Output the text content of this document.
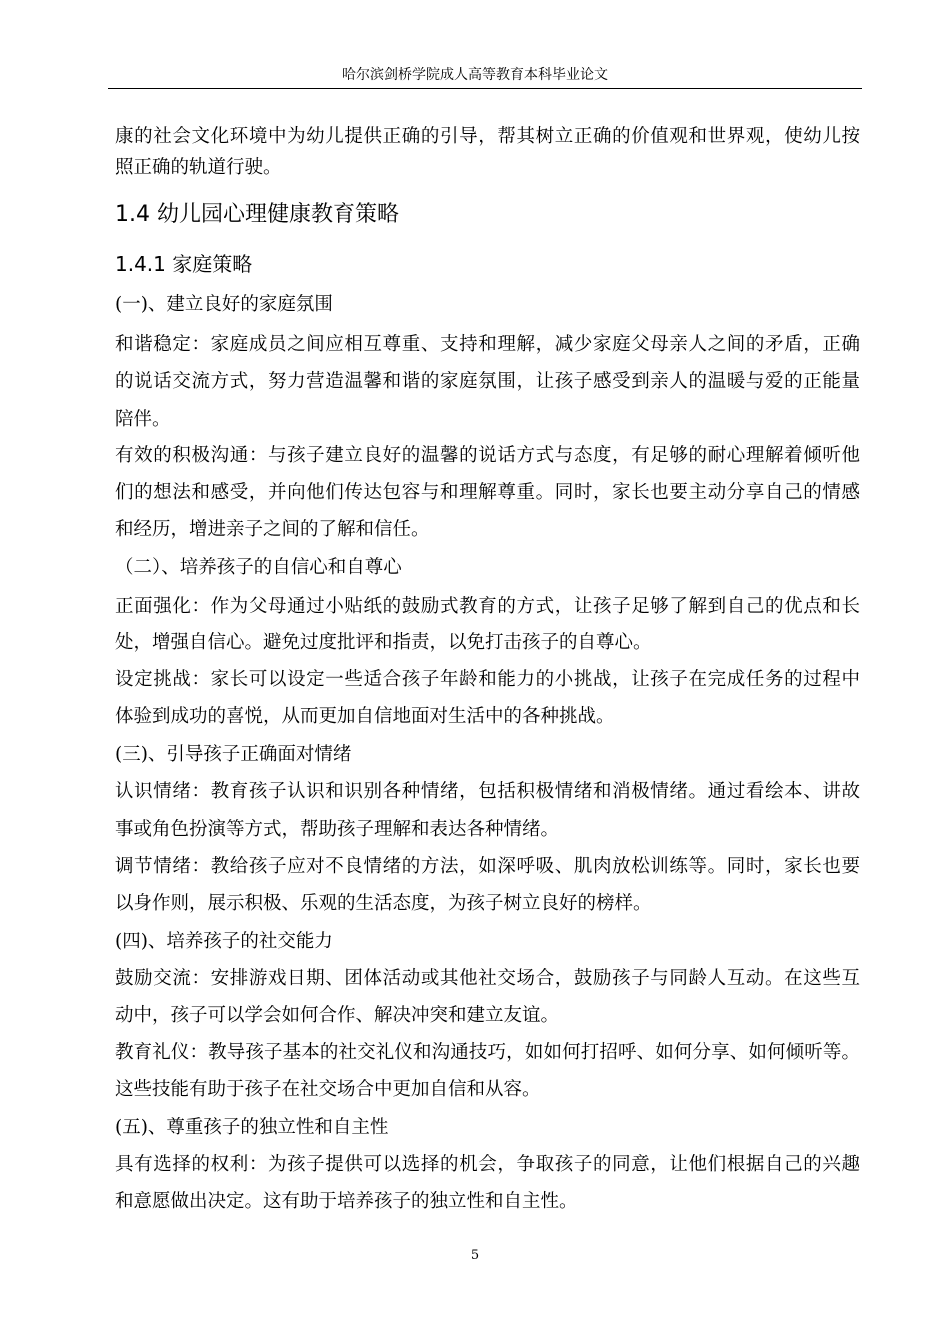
哈尔滨剑桥学院成人高等教育本科毕业论文
康的社会文化环境中为幼儿提供正确的引导，帮其树立正确的价值观和世界观，使幼儿按
照正确的轨道行驶。
1.4 幼儿园心理健康教育策略
1.4.1 家庭策略
(一)、建立良好的家庭氛围
和谐稳定：家庭成员之间应相互尊重、支持和理解，减少家庭父母亲人之间的矛盾，正确
的说话交流方式，努力营造温馨和谐的家庭氛围，让孩子感受到亲人的温暖与爱的正能量
陪伴。
有效的积极沟通：与孩子建立良好的温馨的说话方式与态度，有足够的耐心理解着倾听他
们的想法和感受，并向他们传达包容与和理解尊重。同时，家长也要主动分享自己的情感
和经历，增进亲子之间的了解和信任。
（二）、培养孩子的自信心和自尊心
正面强化：作为父母通过小贴纸的鼓励式教育的方式，让孩子足够了解到自己的优点和长
处，增强自信心。避免过度批评和指责，以免打击孩子的自尊心。
设定挑战：家长可以设定一些适合孩子年龄和能力的小挑战，让孩子在完成任务的过程中
体验到成功的喜悦，从而更加自信地面对生活中的各种挑战。
(三)、引导孩子正确面对情绪
认识情绪：教育孩子认识和识别各种情绪，包括积极情绪和消极情绪。通过看绘本、讲故
事或角色扮演等方式，帮助孩子理解和表达各种情绪。
调节情绪：教给孩子应对不良情绪的方法，如深呼吸、肌肉放松训练等。同时，家长也要
以身作则，展示积极、乐观的生活态度，为孩子树立良好的榜样。
(四)、培养孩子的社交能力
鼓励交流：安排游戏日期、团体活动或其他社交场合，鼓励孩子与同龄人互动。在这些互
动中，孩子可以学会如何合作、解决冲突和建立友谊。
教育礼仪：教导孩子基本的社交礼仪和沟通技巧，如如何打招呼、如何分享、如何倾听等。
这些技能有助于孩子在社交场合中更加自信和从容。
(五)、尊重孩子的独立性和自主性
具有选择的权利：为孩子提供可以选择的机会，争取孩子的同意，让他们根据自己的兴趣
和意愿做出决定。这有助于培养孩子的独立性和自主性。
5
